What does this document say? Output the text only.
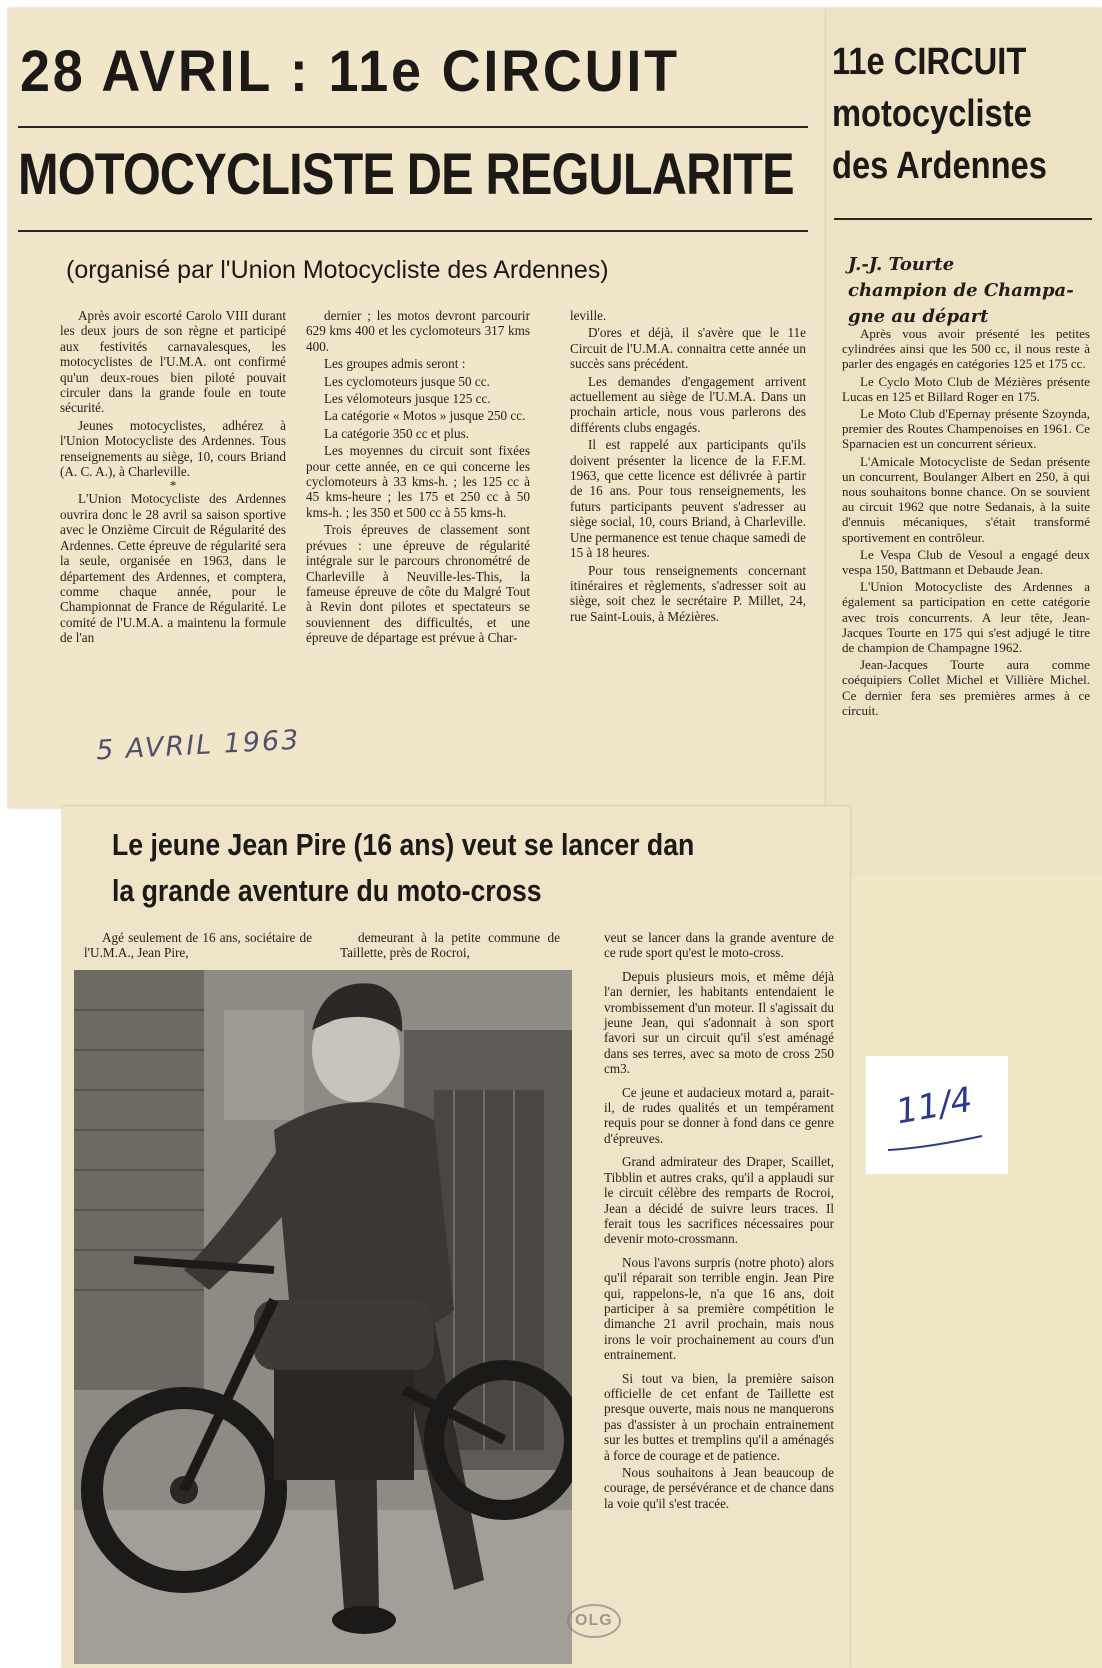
28 AVRIL : 11e CIRCUIT
MOTOCYCLISTE DE REGULARITE
(organisé par l'Union Motocycliste des Ardennes)

Après avoir escorté Carolo VIII durant les deux jours de son règne et participé aux festivités carnavalesques, les motocyclistes de l'U.M.A. ont confirmé qu'un deux-roues bien piloté pouvait circuler dans la grande foule en toute sécurité.

Jeunes motocyclistes, adhérez à l'Union Motocycliste des Ardennes. Tous renseignements au siège, 10, cours Briand (A. C. A.), à Charleville.

*

L'Union Motocycliste des Ardennes ouvrira donc le 28 avril sa saison sportive avec le Onzième Circuit de Régularité des Ardennes. Cette épreuve de régularité sera la seule, organisée en 1963, dans le département des Ardennes, et comptera, comme chaque année, pour le Championnat de France de Régularité. Le comité de l'U.M.A. a maintenu la formule de l'an

dernier ; les motos devront parcourir 629 kms 400 et les cyclomoteurs 317 kms 400.

Les groupes admis seront :

Les cyclomoteurs jusque 50 cc.

Les vélomoteurs jusque 125 cc.

La catégorie « Motos » jusque 250 cc.

La catégorie 350 cc et plus.

Les moyennes du circuit sont fixées pour cette année, en ce qui concerne les cyclomoteurs à 33 kms-h. ; les 125 cc à 45 kms-heure ; les 175 et 250 cc à 50 kms-h. ; les 350 et 500 cc à 55 kms-h.

Trois épreuves de classement sont prévues : une épreuve de régularité intégrale sur le parcours chronométré de Charleville à Neuville-les-This, la fameuse épreuve de côte du Malgré Tout à Revin dont pilotes et spectateurs se souviennent des difficultés, et une épreuve de départage est prévue à Char-

leville.

D'ores et déjà, il s'avère que le 11e Circuit de l'U.M.A. connaitra cette année un succès sans précédent.

Les demandes d'engagement arrivent actuellement au siège de l'U.M.A. Dans un prochain article, nous vous parlerons des différents clubs engagés.

Il est rappelé aux participants qu'ils doivent présenter la licence de la F.F.M. 1963, que cette licence est délivrée à partir de 16 ans. Pour tous renseignements, les futurs participants peuvent s'adresser au siège social, 10, cours Briand, à Charleville. Une permanence est tenue chaque samedi de 15 à 18 heures.

Pour tous renseignements concernant itinéraires et règlements, s'adresser soit au siège, soit chez le secrétaire P. Millet, 24, rue Saint-Louis, à Mézières.

5 AVRIL 1963
11e CIRCUIT
motocycliste
des Ardennes
J.-J. Tourte
champion de Champa-
gne au départ

Après vous avoir présenté les petites cylindrées ainsi que les 500 cc, il nous reste à parler des engagés en catégories 125 et 175 cc.

Le Cyclo Moto Club de Mézières présente Lucas en 125 et Billard Roger en 175.

Le Moto Club d'Epernay présente Szoynda, premier des Routes Champenoises en 1961. Ce Sparnacien est un concurrent sérieux.

L'Amicale Motocycliste de Sedan présente un concurrent, Boulanger Albert en 250, à qui nous souhaitons bonne chance. On se souvient au circuit 1962 que notre Sedanais, à la suite d'ennuis mécaniques, s'était transformé sportivement en contrôleur.

Le Vespa Club de Vesoul a engagé deux vespa 150, Battmann et Debaude Jean.

L'Union Motocycliste des Ardennes a également sa participation en cette catégorie avec trois concurrents. A leur tête, Jean-Jacques Tourte en 175 qui s'est adjugé le titre de champion de Champagne 1962.

Jean-Jacques Tourte aura comme coéquipiers Collet Michel et Villière Michel. Ce dernier fera ses premières armes à ce circuit.

11/4
Le jeune Jean Pire (16 ans) veut se lancer dan
la grande aventure du moto-cross

Agé seulement de 16 ans, sociétaire de l'U.M.A., Jean Pire,

demeurant à la petite commune de Taillette, près de Rocroi,

veut se lancer dans la grande aventure de ce rude sport qu'est le moto-cross.

Depuis plusieurs mois, et même déjà l'an dernier, les habitants entendaient le vrombissement d'un moteur. Il s'agissait du jeune Jean, qui s'adonnait à son sport favori sur un circuit qu'il s'est aménagé dans ses terres, avec sa moto de cross 250 cm3.

Ce jeune et audacieux motard a, parait-il, de rudes qualités et un tempérament requis pour se donner à fond dans ce genre d'épreuves.

Grand admirateur des Draper, Scaillet, Tibblin et autres craks, qu'il a applaudi sur le circuit célèbre des remparts de Rocroi, Jean a décidé de suivre leurs traces. Il ferait tous les sacrifices nécessaires pour devenir moto-crossmann.

Nous l'avons surpris (notre photo) alors qu'il réparait son terrible engin. Jean Pire qui, rappelons-le, n'a que 16 ans, doit participer à sa première compétition le dimanche 21 avril prochain, mais nous irons le voir prochainement au cours d'un entrainement.

Si tout va bien, la première saison officielle de cet enfant de Taillette est presque ouverte, mais nous ne manquerons pas d'assister à un prochain entrainement sur les buttes et tremplins qu'il a aménagés à force de courage et de patience.

Nous souhaitons à Jean beaucoup de courage, de persévérance et de chance dans la voie qu'il s'est tracée.

OLG
